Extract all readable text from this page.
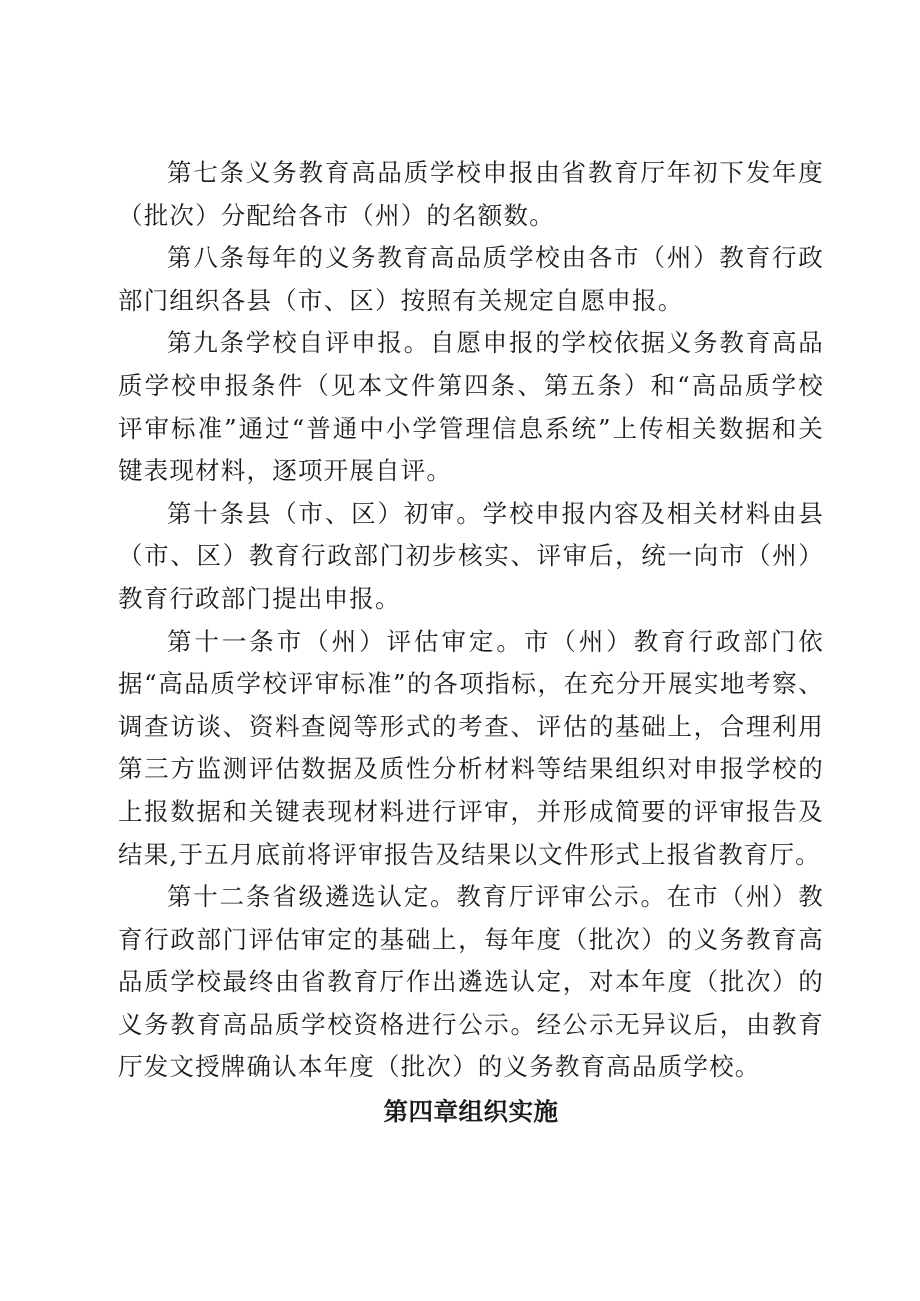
第七条义务教育高品质学校申报由省教育厅年初下发年度（批次）分配给各市（州）的名额数。

第八条每年的义务教育高品质学校由各市（州）教育行政部门组织各县（市、区）按照有关规定自愿申报。

第九条学校自评申报。自愿申报的学校依据义务教育高品质学校申报条件（见本文件第四条、第五条）和“高品质学校评审标准”通过“普通中小学管理信息系统”上传相关数据和关键表现材料，逐项开展自评。

第十条县（市、区）初审。学校申报内容及相关材料由县（市、区）教育行政部门初步核实、评审后，统一向市（州）教育行政部门提出申报。

第十一条市（州）评估审定。市（州）教育行政部门依据“高品质学校评审标准”的各项指标，在充分开展实地考察、调查访谈、资料查阅等形式的考查、评估的基础上，合理利用第三方监测评估数据及质性分析材料等结果组织对申报学校的上报数据和关键表现材料进行评审，并形成简要的评审报告及结果,于五月底前将评审报告及结果以文件形式上报省教育厅。

第十二条省级遴选认定。教育厅评审公示。在市（州）教育行政部门评估审定的基础上，每年度（批次）的义务教育高品质学校最终由省教育厅作出遴选认定，对本年度（批次）的义务教育高品质学校资格进行公示。经公示无异议后，由教育厅发文授牌确认本年度（批次）的义务教育高品质学校。

第四章组织实施
